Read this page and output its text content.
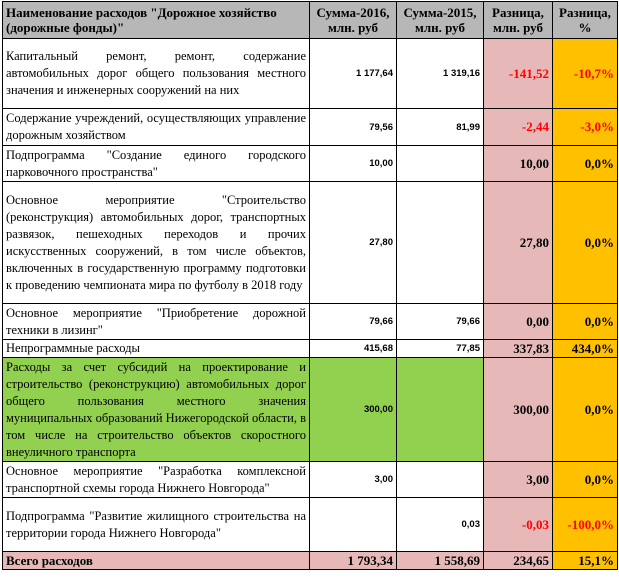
Наименование расходов "Дорожное хозяйство (дорожные фонды)"	Сумма-2016, млн. руб	Сумма-2015, млн. руб	Разница, млн. руб	Разница, %
Капитальный ремонт, ремонт, содержание автомобильных дорог общего пользования местного значения и инженерных сооружений на них	1 177,64	1 319,16	-141,52	-10,7%
Содержание учреждений, осуществляющих управление дорожным хозяйством	79,56	81,99	-2,44	-3,0%
Подпрограмма "Создание единого городского парковочного пространства"	10,00		10,00	0,0%
Основное мероприятие "Строительство (реконструкция) автомобильных дорог, транспортных развязок, пешеходных переходов и прочих искусственных сооружений, в том числе объектов, включенных в государственную программу подготовки к проведению чемпионата мира по футболу в 2018 году	27,80		27,80	0,0%
Основное мероприятие "Приобретение дорожной техники в лизинг"	79,66	79,66	0,00	0,0%
Непрограммные расходы	415,68	77,85	337,83	434,0%
Расходы за счет субсидий на проектирование и строительство (реконструкцию) автомобильных дорог общего пользования местного значения муниципальных образований Нижегородской области, в том числе на строительство объектов скоростного внеуличного транспорта	300,00		300,00	0,0%
Основное мероприятие "Разработка комплексной транспортной схемы города Нижнего Новгорода"	3,00		3,00	0,0%
Подпрограмма "Развитие жилищного строительства на территории города Нижнего Новгорода"		0,03	-0,03	-100,0%
Всего расходов	1 793,34	1 558,69	234,65	15,1%
